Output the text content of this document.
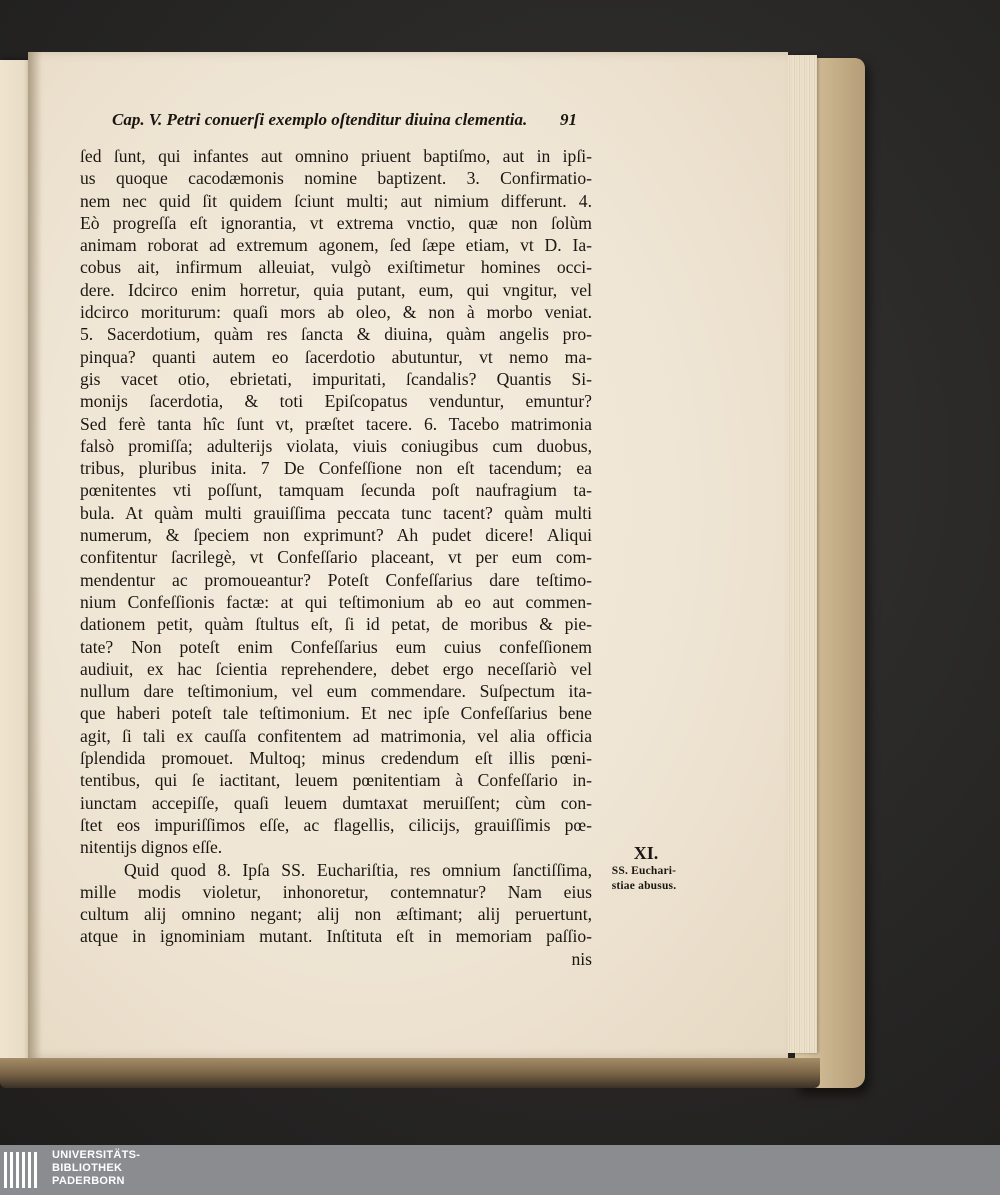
Cap. V. Petri conuerſi exemplo oſtenditur diuina clementia.	91
ſed ſunt, qui infantes aut omnino priuent baptiſmo, aut in ipſi-
us quoque cacodæmonis nomine baptizent. 3. Confirmatio-
nem nec quid ſit quidem ſciunt multi; aut nimium differunt. 4.
Eò progreſſa eſt ignorantia, vt extrema vnctio, quæ non ſolùm
animam roborat ad extremum agonem, ſed ſæpe etiam, vt D. Ia-
cobus ait, infirmum alleuiat, vulgò exiſtimetur homines occi-
dere. Idcirco enim horretur, quia putant, eum, qui vngitur, vel
idcirco moriturum: quaſi mors ab oleo, & non à morbo veniat.
5. Sacerdotium, quàm res ſancta & diuina, quàm angelis pro-
pinqua? quanti autem eo ſacerdotio abutuntur, vt nemo ma-
gis vacet otio, ebrietati, impuritati, ſcandalis? Quantis Si-
monijs ſacerdotia, & toti Epiſcopatus venduntur, emuntur?
Sed ferè tanta hîc ſunt vt, præſtet tacere. 6. Tacebo matrimonia
falsò promiſſa; adulterijs violata, viuis coniugibus cum duobus,
tribus, pluribus inita. 7 De Confeſſione non eſt tacendum; ea
pœnitentes vti poſſunt, tamquam ſecunda poſt naufragium ta-
bula. At quàm multi grauiſſima peccata tunc tacent? quàm multi
numerum, & ſpeciem non exprimunt? Ah pudet dicere! Aliqui
confitentur ſacrilegè, vt Confeſſario placeant, vt per eum com-
mendentur ac promoueantur? Poteſt Confeſſarius dare teſtimo-
nium Confeſſionis factæ: at qui teſtimonium ab eo aut commen-
dationem petit, quàm ſtultus eſt, ſi id petat, de moribus & pie-
tate? Non poteſt enim Confeſſarius eum cuius confeſſionem
audiuit, ex hac ſcientia reprehendere, debet ergo neceſſariò vel
nullum dare teſtimonium, vel eum commendare. Suſpectum ita-
que haberi poteſt tale teſtimonium. Et nec ipſe Confeſſarius bene
agit, ſi tali ex cauſſa confitentem ad matrimonia, vel alia officia
ſplendida promouet. Multoq; minus credendum eſt illis pœni-
tentibus, qui ſe iactitant, leuem pœnitentiam à Confeſſario in-
iunctam accepiſſe, quaſi leuem dumtaxat meruiſſent; cùm con-
ſtet eos impuriſſimos eſſe, ac flagellis, cilicijs, grauiſſimis pœ-
nitentijs dignos eſſe.
Quid quod 8. Ipſa SS. Euchariſtia, res omnium ſanctiſſima,
mille modis violetur, inhonoretur, contemnatur? Nam eius
cultum alij omnino negant; alij non æſtimant; alij peruertunt,
atque in ignominiam mutant. Inſtituta eſt in memoriam paſſio-
nis
XI.
SS. Euchari-
stiae abusus.
UNIVERSITÄTS-
BIBLIOTHEK
PADERBORN
